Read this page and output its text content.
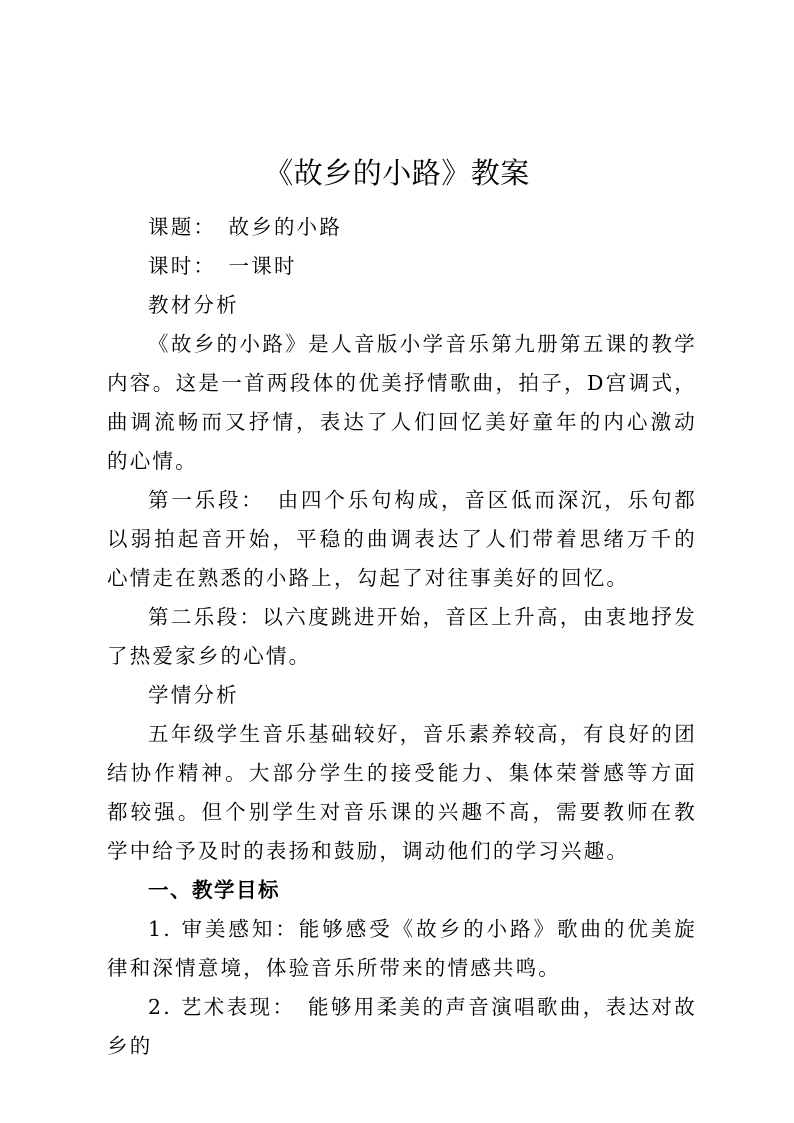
《故乡的小路》教案

课题：　故乡的小路

课时：　一课时

教材分析

《故乡的小路》是人音版小学音乐第九册第五课的教学内容。这是一首两段体的优美抒情歌曲，拍子，D宫调式，曲调流畅而又抒情，表达了人们回忆美好童年的内心激动的心情。

第一乐段：　由四个乐句构成，音区低而深沉，乐句都以弱拍起音开始，平稳的曲调表达了人们带着思绪万千的心情走在熟悉的小路上，勾起了对往事美好的回忆。

第二乐段：以六度跳进开始，音区上升高，由衷地抒发了热爱家乡的心情。

学情分析

五年级学生音乐基础较好，音乐素养较高，有良好的团结协作精神。大部分学生的接受能力、集体荣誉感等方面都较强。但个别学生对音乐课的兴趣不高，需要教师在教学中给予及时的表扬和鼓励，调动他们的学习兴趣。

一、教学目标

1. 审美感知：能够感受《故乡的小路》歌曲的优美旋律和深情意境，体验音乐所带来的情感共鸣。

2. 艺术表现：　能够用柔美的声音演唱歌曲，表达对故乡的
